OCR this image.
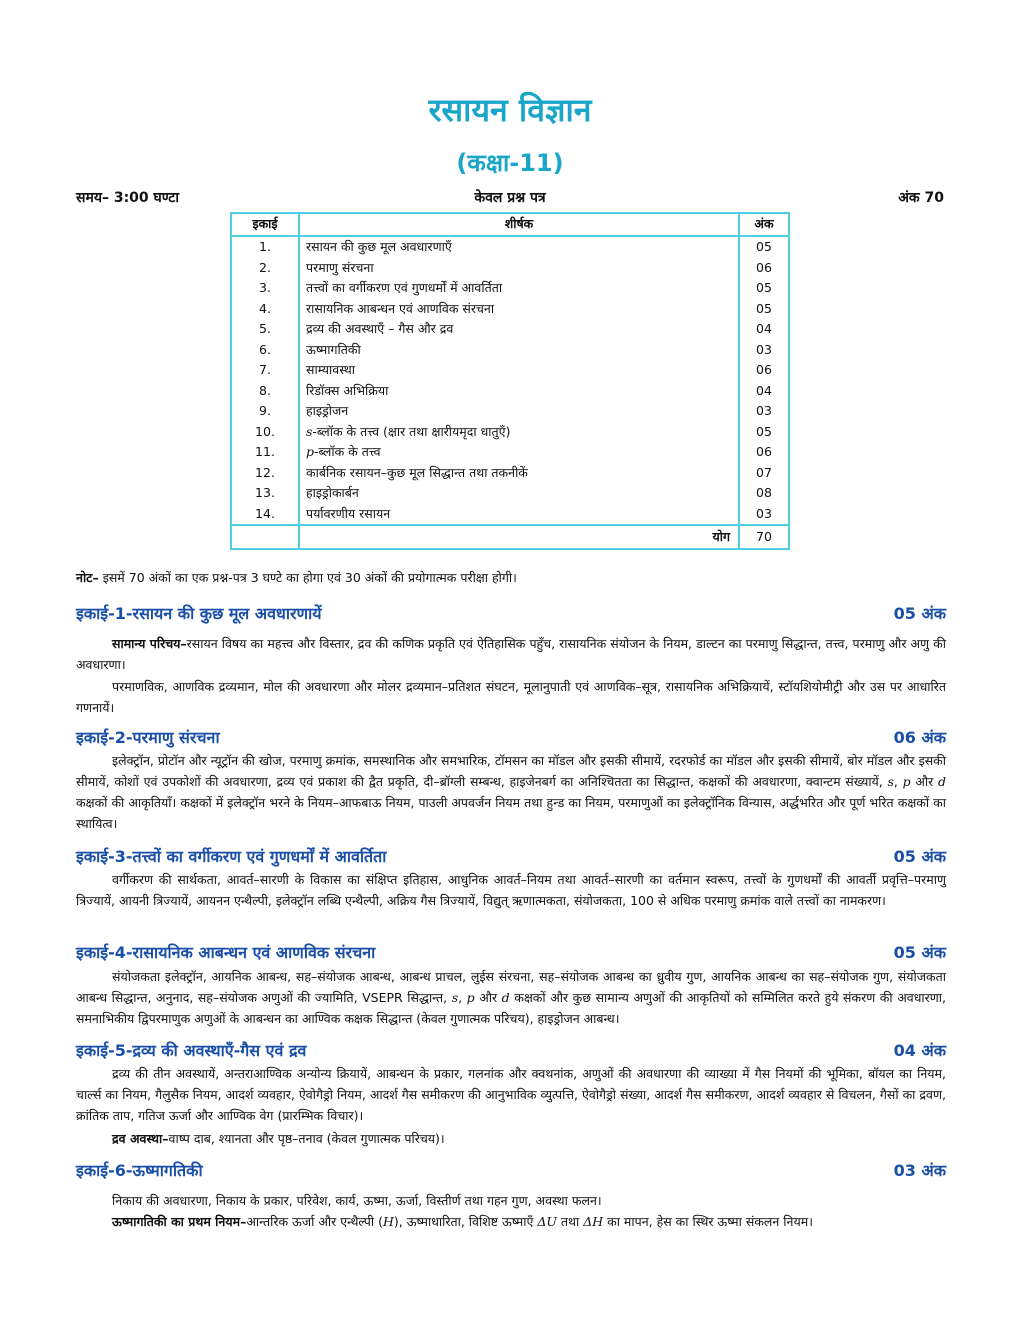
रसायन विज्ञान
(कक्षा-11)
समय– 3:00 घण्टा	केवल प्रश्न पत्र	अंक 70
इकाई	शीर्षक	अंक
1.	रसायन की कुछ मूल अवधारणाएँ	05
2.	परमाणु संरचना	06
3.	तत्त्वों का वर्गीकरण एवं गुणधर्मों में आवर्तिता	05
4.	रासायनिक आबन्धन एवं आणविक संरचना	05
5.	द्रव्य की अवस्थाएँ – गैस और द्रव	04
6.	ऊष्मागतिकी	03
7.	साम्यावस्था	06
8.	रिडॉक्स अभिक्रिया	04
9.	हाइड्रोजन	03
10.	s-ब्लॉक के तत्त्व (क्षार तथा क्षारीयमृदा धातुएँ)	05
11.	p-ब्लॉक के तत्त्व	06
12.	कार्बनिक रसायन–कुछ मूल सिद्धान्त तथा तकनीकें	07
13.	हाइड्रोकार्बन	08
14.	पर्यावरणीय रसायन	03
	योग	70
नोट– इसमें 70 अंकों का एक प्रश्न-पत्र 3 घण्टे का होगा एवं 30 अंकों की प्रयोगात्मक परीक्षा होगी।
इकाई-1-रसायन की कुछ मूल अवधारणायें	05 अंक
सामान्य परिचय–रसायन विषय का महत्त्व और विस्तार, द्रव की कणिक प्रकृति एवं ऐतिहासिक पहुँच, रासायनिक संयोजन के नियम, डाल्टन का परमाणु सिद्धान्त, तत्त्व, परमाणु और अणु की अवधारणा।
परमाणविक, आणविक द्रव्यमान, मोल की अवधारणा और मोलर द्रव्यमान–प्रतिशत संघटन, मूलानुपाती एवं आणविक–सूत्र, रासायनिक अभिक्रियायें, स्टॉयशियोमीट्री और उस पर आधारित गणनायें।
इकाई-2-परमाणु संरचना	06 अंक
इलेक्ट्रॉन, प्रोटॉन और न्यूट्रॉन की खोज, परमाणु क्रमांक, समस्थानिक और समभारिक, टॉमसन का मॉडल और इसकी सीमायें, रदरफोर्ड का मॉडल और इसकी सीमायें, बोर मॉडल और इसकी सीमायें, कोशों एवं उपकोशों की अवधारणा, द्रव्य एवं प्रकाश की द्वैत प्रकृति, दी–ब्रॉग्ली सम्बन्ध, हाइजेनबर्ग का अनिश्चितता का सिद्धान्त, कक्षकों की अवधारणा, क्वान्टम संख्यायें, s, p और d कक्षकों की आकृतियाँ। कक्षकों में इलेक्ट्रॉन भरने के नियम–आफबाऊ नियम, पाउली अपवर्जन नियम तथा हुन्ड का नियम, परमाणुओं का इलेक्ट्रॉनिक विन्यास, अर्द्धभरित और पूर्ण भरित कक्षकों का स्थायित्व।
इकाई-3-तत्त्वों का वर्गीकरण एवं गुणधर्मों में आवर्तिता	05 अंक
वर्गीकरण की सार्थकता, आवर्त–सारणी के विकास का संक्षिप्त इतिहास, आधुनिक आवर्त–नियम तथा आवर्त–सारणी का वर्तमान स्वरूप, तत्त्वों के गुणधर्मों की आवर्ती प्रवृत्ति–परमाणु त्रिज्यायें, आयनी त्रिज्यायें, आयनन एन्थैल्पी, इलेक्ट्रॉन लब्धि एन्थैल्पी, अक्रिय गैस त्रिज्यायें, विद्युत् ऋणात्मकता, संयोजकता, 100 से अधिक परमाणु क्रमांक वाले तत्त्वों का नामकरण।
इकाई-4-रासायनिक आबन्धन एवं आणविक संरचना	05 अंक
संयोजकता इलेक्ट्रॉन, आयनिक आबन्ध, सह–संयोजक आबन्ध, आबन्ध प्राचल, लुईस संरचना, सह–संयोजक आबन्ध का ध्रुवीय गुण, आयनिक आबन्ध का सह–संयोजक गुण, संयोजकता आबन्ध सिद्धान्त, अनुनाद, सह–संयोजक अणुओं की ज्यामिति, VSEPR सिद्धान्त, s, p और d कक्षकों और कुछ सामान्य अणुओं की आकृतियों को सम्मिलित करते हुये संकरण की अवधारणा, समनाभिकीय द्विपरमाणुक अणुओं के आबन्धन का आण्विक कक्षक सिद्धान्त (केवल गुणात्मक परिचय), हाइड्रोजन आबन्ध।
इकाई-5-द्रव्य की अवस्थाएँ-गैस एवं द्रव	04 अंक
द्रव्य की तीन अवस्थायें, अन्तराआण्विक अन्योन्य क्रियायें, आबन्धन के प्रकार, गलनांक और क्वथनांक, अणुओं की अवधारणा की व्याख्या में गैस नियमों की भूमिका, बॉयल का नियम, चार्ल्स का नियम, गैलुसैक नियम, आदर्श व्यवहार, ऐवोगैड्रो नियम, आदर्श गैस समीकरण की आनुभाविक व्युत्पत्ति, ऐवोगैड्रो संख्या, आदर्श गैस समीकरण, आदर्श व्यवहार से विचलन, गैसों का द्रवण, क्रांतिक ताप, गतिज ऊर्जा और आण्विक वेग (प्रारम्भिक विचार)।
द्रव अवस्था–वाष्प दाब, श्यानता और पृष्ठ–तनाव (केवल गुणात्मक परिचय)।
इकाई-6-ऊष्मागतिकी	03 अंक
निकाय की अवधारणा, निकाय के प्रकार, परिवेश, कार्य, ऊष्मा, ऊर्जा, विस्तीर्ण तथा गहन गुण, अवस्था फलन।
ऊष्मागतिकी का प्रथम नियम–आन्तरिक ऊर्जा और एन्थैल्पी (H), ऊष्माधारिता, विशिष्ट ऊष्माएँ ΔU तथा ΔH का मापन, हेस का स्थिर ऊष्मा संकलन नियम।
